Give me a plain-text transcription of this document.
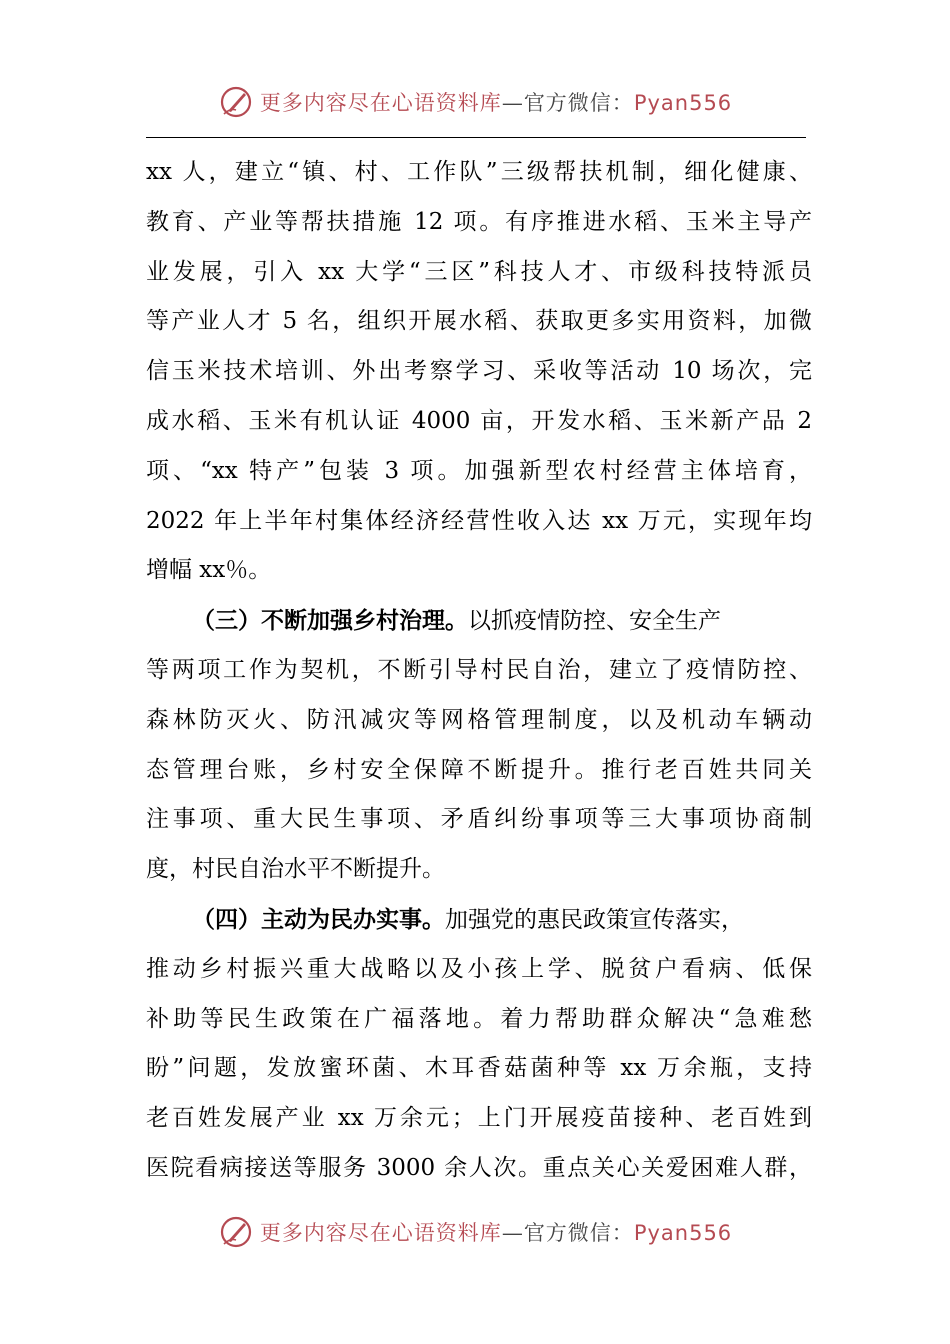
更多内容尽在心语资料库—官方微信：Pyan556
xx 人，建立“镇、村、工作队”三级帮扶机制，细化健康、
教育、产业等帮扶措施 12 项。有序推进水稻、玉米主导产
业发展，引入 xx 大学“三区”科技人才、市级科技特派员
等产业人才 5 名，组织开展水稻、获取更多实用资料，加微
信玉米技术培训、外出考察学习、采收等活动 10 场次，完
成水稻、玉米有机认证 4000 亩，开发水稻、玉米新产品 2
项、“xx 特产”包装 3 项。加强新型农村经营主体培育，
2022 年上半年村集体经济经营性收入达 xx 万元，实现年均
增幅 xx％。
（三）不断加强乡村治理。以抓疫情防控、安全生产
等两项工作为契机，不断引导村民自治，建立了疫情防控、
森林防灭火、防汛减灾等网格管理制度，以及机动车辆动
态管理台账，乡村安全保障不断提升。推行老百姓共同关
注事项、重大民生事项、矛盾纠纷事项等三大事项协商制
度，村民自治水平不断提升。
（四）主动为民办实事。加强党的惠民政策宣传落实，
推动乡村振兴重大战略以及小孩上学、脱贫户看病、低保
补助等民生政策在广福落地。着力帮助群众解决“急难愁
盼”问题，发放蜜环菌、木耳香菇菌种等 xx 万余瓶，支持
老百姓发展产业 xx 万余元；上门开展疫苗接种、老百姓到
医院看病接送等服务 3000 余人次。重点关心关爱困难人群，
更多内容尽在心语资料库—官方微信：Pyan556
